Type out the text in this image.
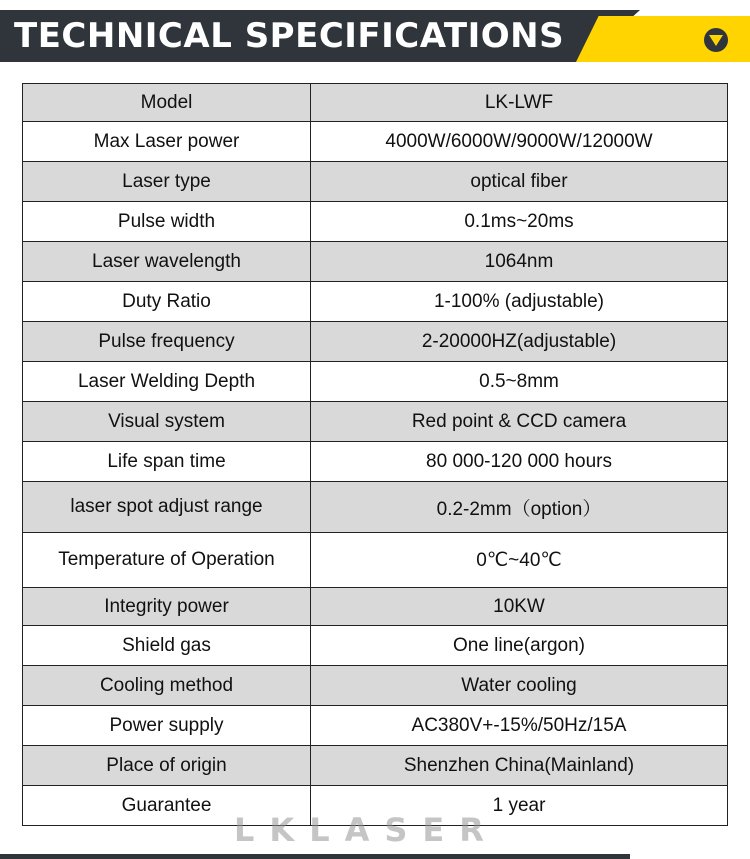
TECHNICAL SPECIFICATIONS
Model	LK-LWF
Max Laser power	4000W/6000W/9000W/12000W
Laser type	optical fiber
Pulse width	0.1ms~20ms
Laser wavelength	1064nm
Duty Ratio	1-100% (adjustable)
Pulse frequency	2-20000HZ(adjustable)
Laser Welding Depth	0.5~8mm
Visual system	Red point & CCD camera
Life span time	80 000-120 000 hours
laser spot adjust range	0.2-2mm（option）
Temperature of Operation	0℃~40℃
Integrity power	10KW
Shield gas	One line(argon)
Cooling method	Water cooling
Power supply	AC380V+-15%/50Hz/15A
Place of origin	Shenzhen China(Mainland)
Guarantee	1 year
LKLASER
